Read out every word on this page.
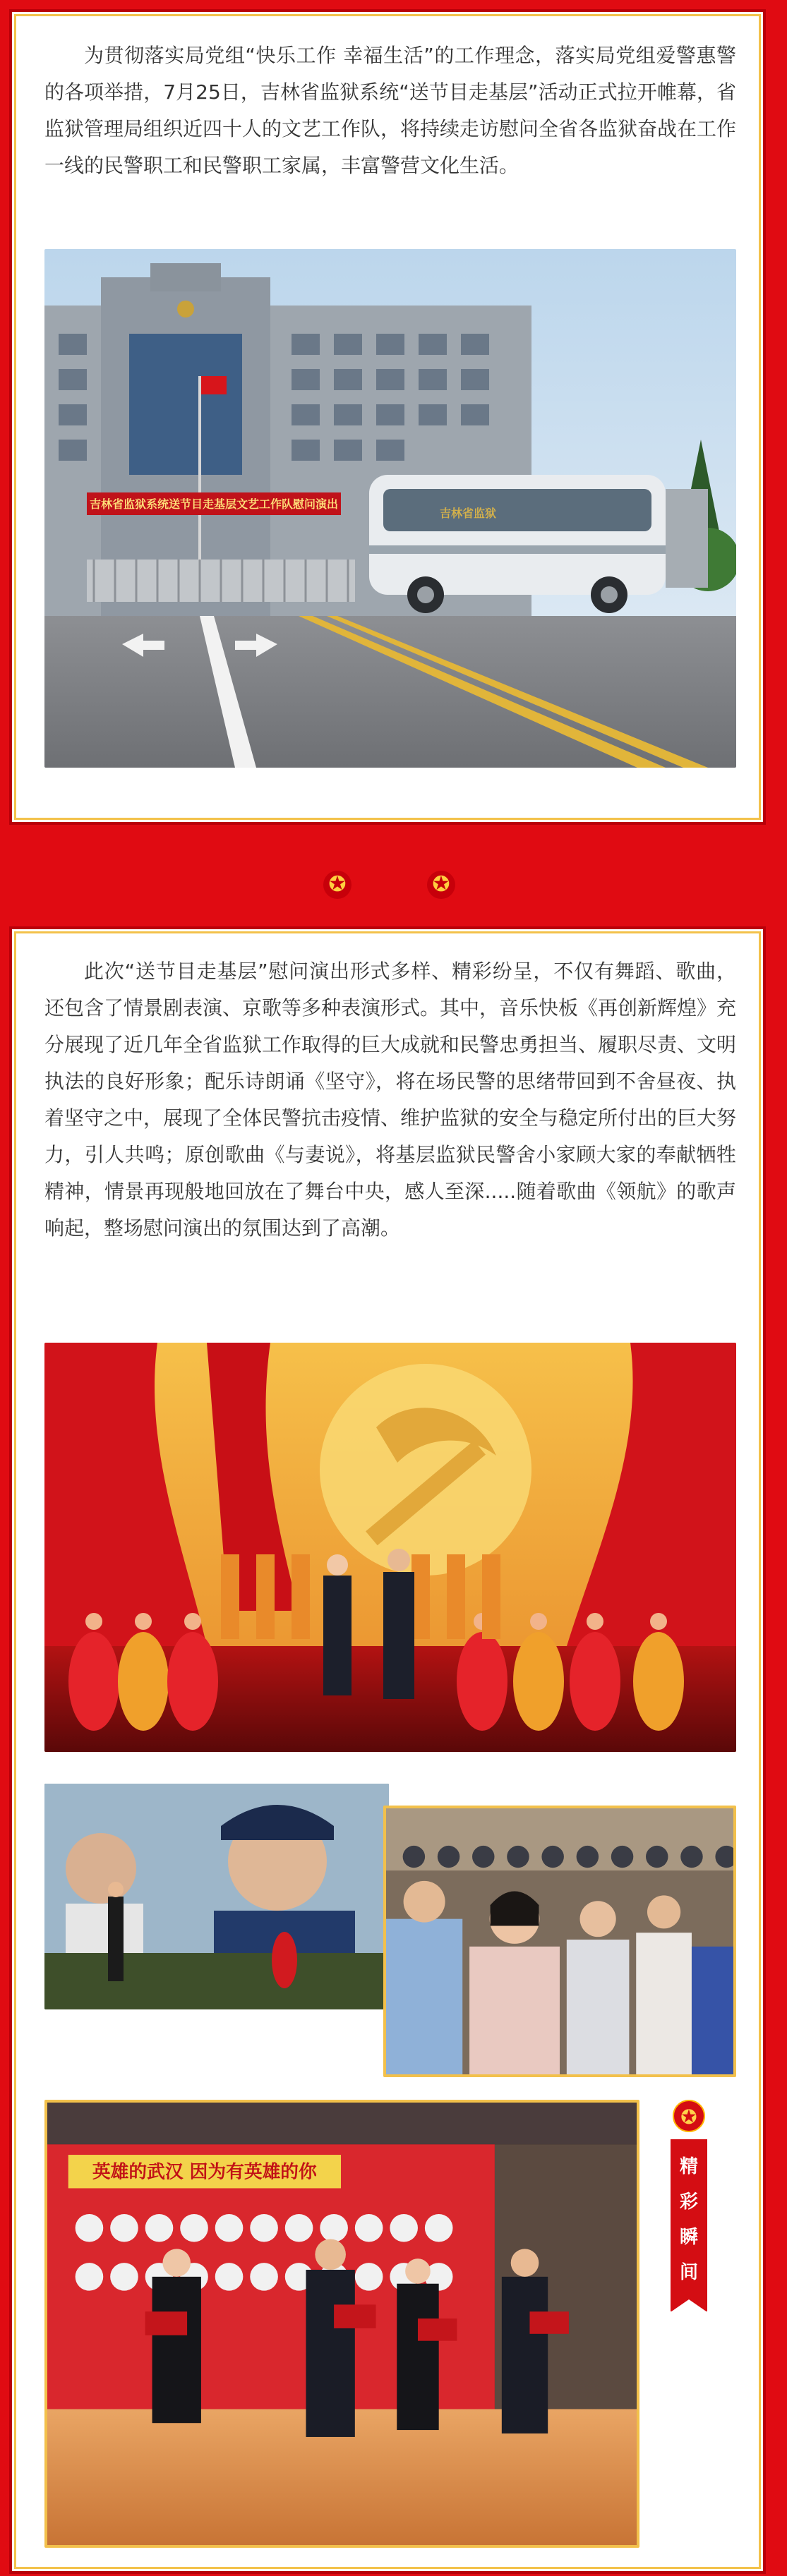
为贯彻落实局党组“快乐工作 幸福生活”的工作理念，落实局党组爱警惠警的各项举措，7月25日，吉林省监狱系统“送节目走基层”活动正式拉开帷幕，省监狱管理局组织近四十人的文艺工作队，将持续走访慰问全省各监狱奋战在工作一线的民警职工和民警职工家属，丰富警营文化生活。

吉林省监狱系统送节目走基层文艺工作队慰问演出
吉林省监狱
✪	✪

此次“送节目走基层”慰问演出形式多样、精彩纷呈，不仅有舞蹈、歌曲，还包含了情景剧表演、京歌等多种表演形式。其中，音乐快板《再创新辉煌》充分展现了近几年全省监狱工作取得的巨大成就和民警忠勇担当、履职尽责、文明执法的良好形象；配乐诗朗诵《坚守》，将在场民警的思绪带回到不舍昼夜、执着坚守之中，展现了全体民警抗击疫情、维护监狱的安全与稳定所付出的巨大努力，引人共鸣；原创歌曲《与妻说》，将基层监狱民警舍小家顾大家的奉献牺牲精神，情景再现般地回放在了舞台中央，感人至深.....随着歌曲《领航》的歌声响起，整场慰问演出的氛围达到了高潮。

英雄的武汉 因为有英雄的你
✪
精
彩
瞬
间
